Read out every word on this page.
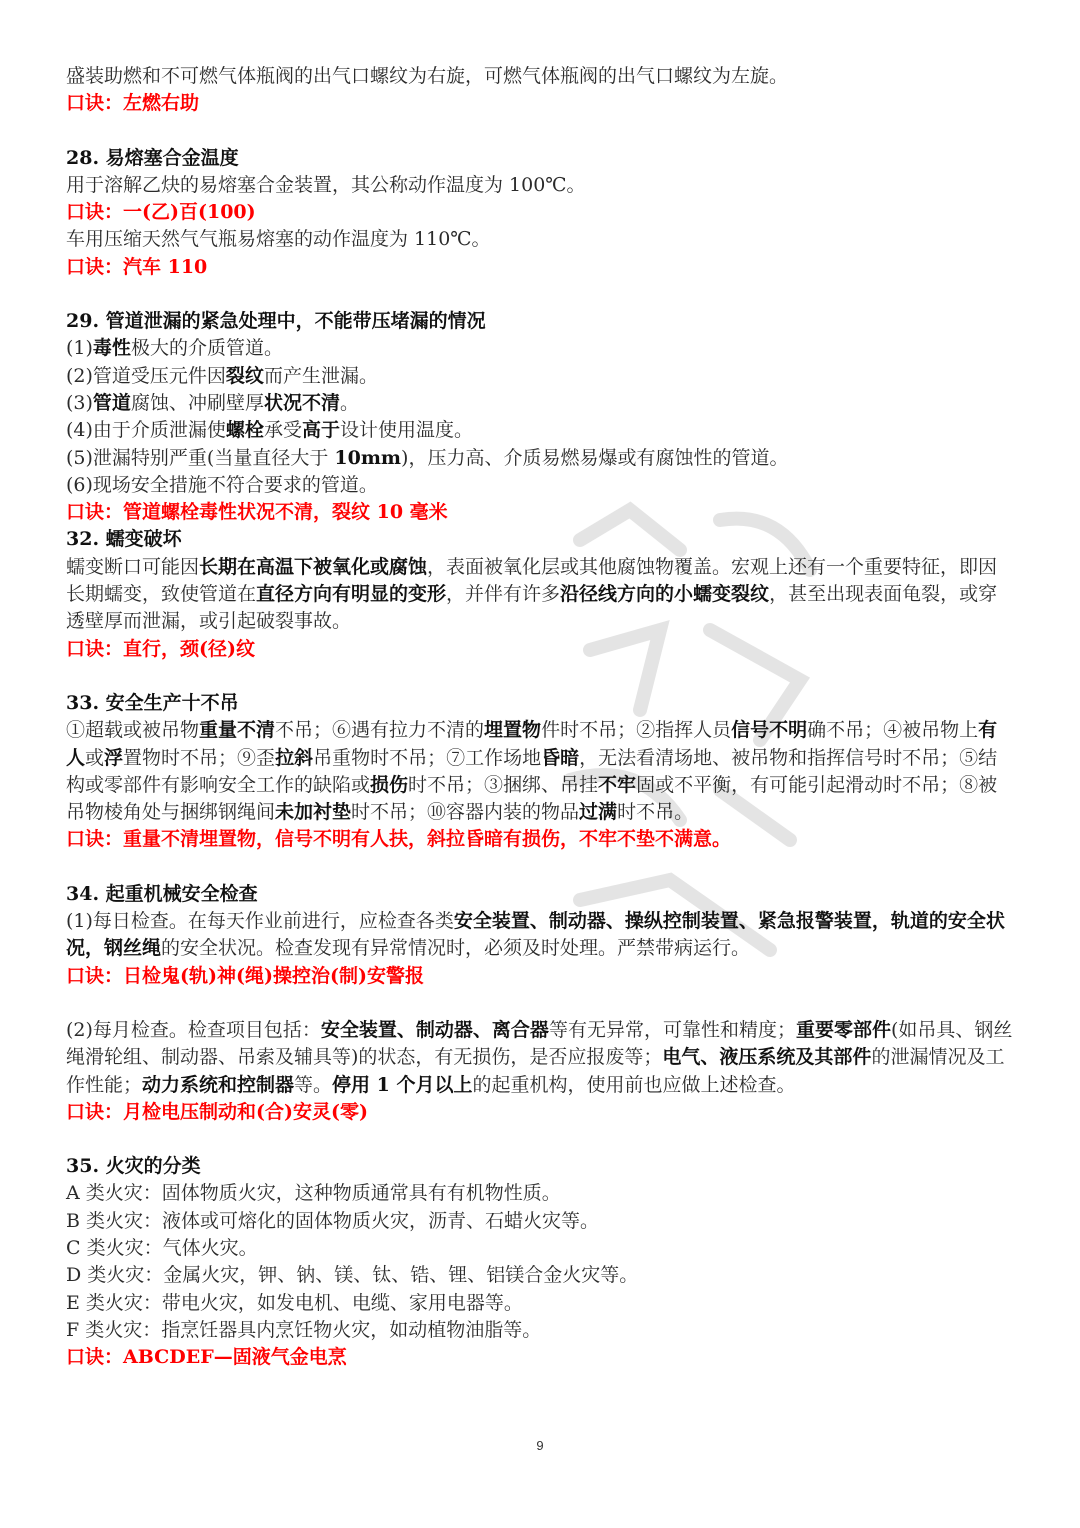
盛装助燃和不可燃气体瓶阀的出气口螺纹为右旋，可燃气体瓶阀的出气口螺纹为左旋。

口诀：左燃右助

28. 易熔塞合金温度

用于溶解乙炔的易熔塞合金装置，其公称动作温度为 100℃。

口诀：一(乙)百(100)

车用压缩天然气气瓶易熔塞的动作温度为 110℃。

口诀：汽车 110

29. 管道泄漏的紧急处理中，不能带压堵漏的情况

(1)毒性极大的介质管道。

(2)管道受压元件因裂纹而产生泄漏。

(3)管道腐蚀、冲刷壁厚状况不清。

(4)由于介质泄漏使螺栓承受高于设计使用温度。

(5)泄漏特别严重(当量直径大于 10mm)，压力高、介质易燃易爆或有腐蚀性的管道。

(6)现场安全措施不符合要求的管道。

口诀：管道螺栓毒性状况不清，裂纹 10 毫米

32. 蠕变破坏

蠕变断口可能因长期在高温下被氧化或腐蚀，表面被氧化层或其他腐蚀物覆盖。宏观上还有一个重要特征，即因长期蠕变，致使管道在直径方向有明显的变形，并伴有许多沿径线方向的小蠕变裂纹，甚至出现表面龟裂，或穿透壁厚而泄漏，或引起破裂事故。

口诀：直行，颈(径)纹

33. 安全生产十不吊

①超载或被吊物重量不清不吊；⑥遇有拉力不清的埋置物件时不吊；②指挥人员信号不明确不吊；④被吊物上有人或浮置物时不吊；⑨歪拉斜吊重物时不吊；⑦工作场地昏暗，无法看清场地、被吊物和指挥信号时不吊；⑤结构或零部件有影响安全工作的缺陷或损伤时不吊；③捆绑、吊挂不牢固或不平衡，有可能引起滑动时不吊；⑧被吊物棱角处与捆绑钢绳间未加衬垫时不吊；⑩容器内装的物品过满时不吊。

口诀：重量不清埋置物，信号不明有人扶，斜拉昏暗有损伤，不牢不垫不满意。

34. 起重机械安全检查

(1)每日检查。在每天作业前进行，应检查各类安全装置、制动器、操纵控制装置、紧急报警装置，轨道的安全状况，钢丝绳的安全状况。检查发现有异常情况时，必须及时处理。严禁带病运行。

口诀：日检鬼(轨)神(绳)操控治(制)安警报

(2)每月检查。检查项目包括：安全装置、制动器、离合器等有无异常，可靠性和精度；重要零部件(如吊具、钢丝绳滑轮组、制动器、吊索及辅具等)的状态，有无损伤，是否应报废等；电气、液压系统及其部件的泄漏情况及工作性能；动力系统和控制器等。停用 1 个月以上的起重机构，使用前也应做上述检查。

口诀：月检电压制动和(合)安灵(零)

35. 火灾的分类

A 类火灾：固体物质火灾，这种物质通常具有有机物性质。

B 类火灾：液体或可熔化的固体物质火灾，沥青、石蜡火灾等。

C 类火灾：气体火灾。

D 类火灾：金属火灾，钾、钠、镁、钛、锆、锂、铝镁合金火灾等。

E 类火灾：带电火灾，如发电机、电缆、家用电器等。

F 类火灾：指烹饪器具内烹饪物火灾，如动植物油脂等。

口诀：ABCDEF—固液气金电烹

9
